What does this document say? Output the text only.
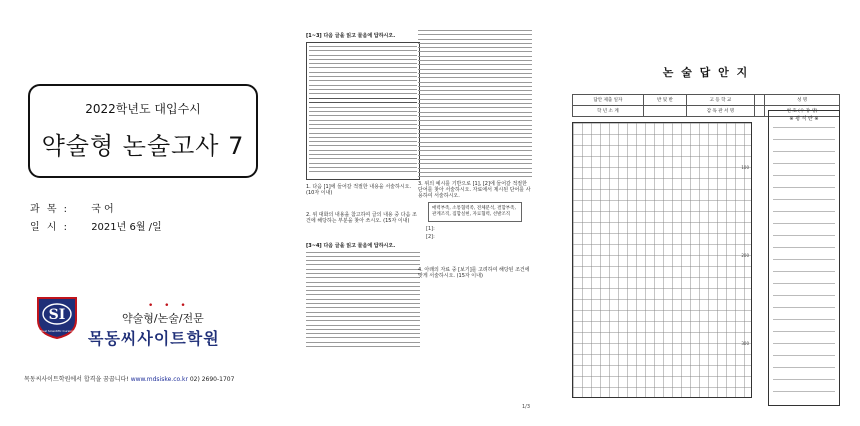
2022학년도 대입수시
약술형 논술고사 7
과 목 : 국 어
일 시 : 2021년 6월 /일
SI
Dual Scientific Cursing
• • •
약술형/논술/전문
목동씨사이트학원
목동씨사이트학원에서 합격을 꿈꿉니다! www.mdsiske.co.kr 02) 2690-1707
[1~3] 다음 글을 읽고 물음에 답하시오.
1. 다음 [1]에 들어갈 적절한 내용을 서술하시오. (10자 이내)
2. 위 대화의 내용을 참고하여 글의 내용 중 다음 조건에 해당하는 부분을 찾아 쓰시오. (15자 이내)
[3~4] 다음 글을 읽고 물음에 답하시오.
3. 위의 예시를 기반으로 [1], [2]에 들어갈 적절한 단어를 찾아 서술하시오. 자료에서 제시된 단어를 사용하여 서술하시오.
매력부족, 소통협력족, 전체분석, 결합부족, 관계조직, 집합실현, 자료협력, 선발조직
[1]:
[2]:
4. 아래의 자료 중 [보기]를 고려하여 해당된 조건에 맞게 서술하시오. (15자 이내)
1/3
논 술 답 안 지
답안 제출 일자	반 및 반	고 등 학 교		성 명
학 년 소 계		감 독 관 서 명		번 호 (수 강 생)
100
200
300
※ 평 식 란 ※
